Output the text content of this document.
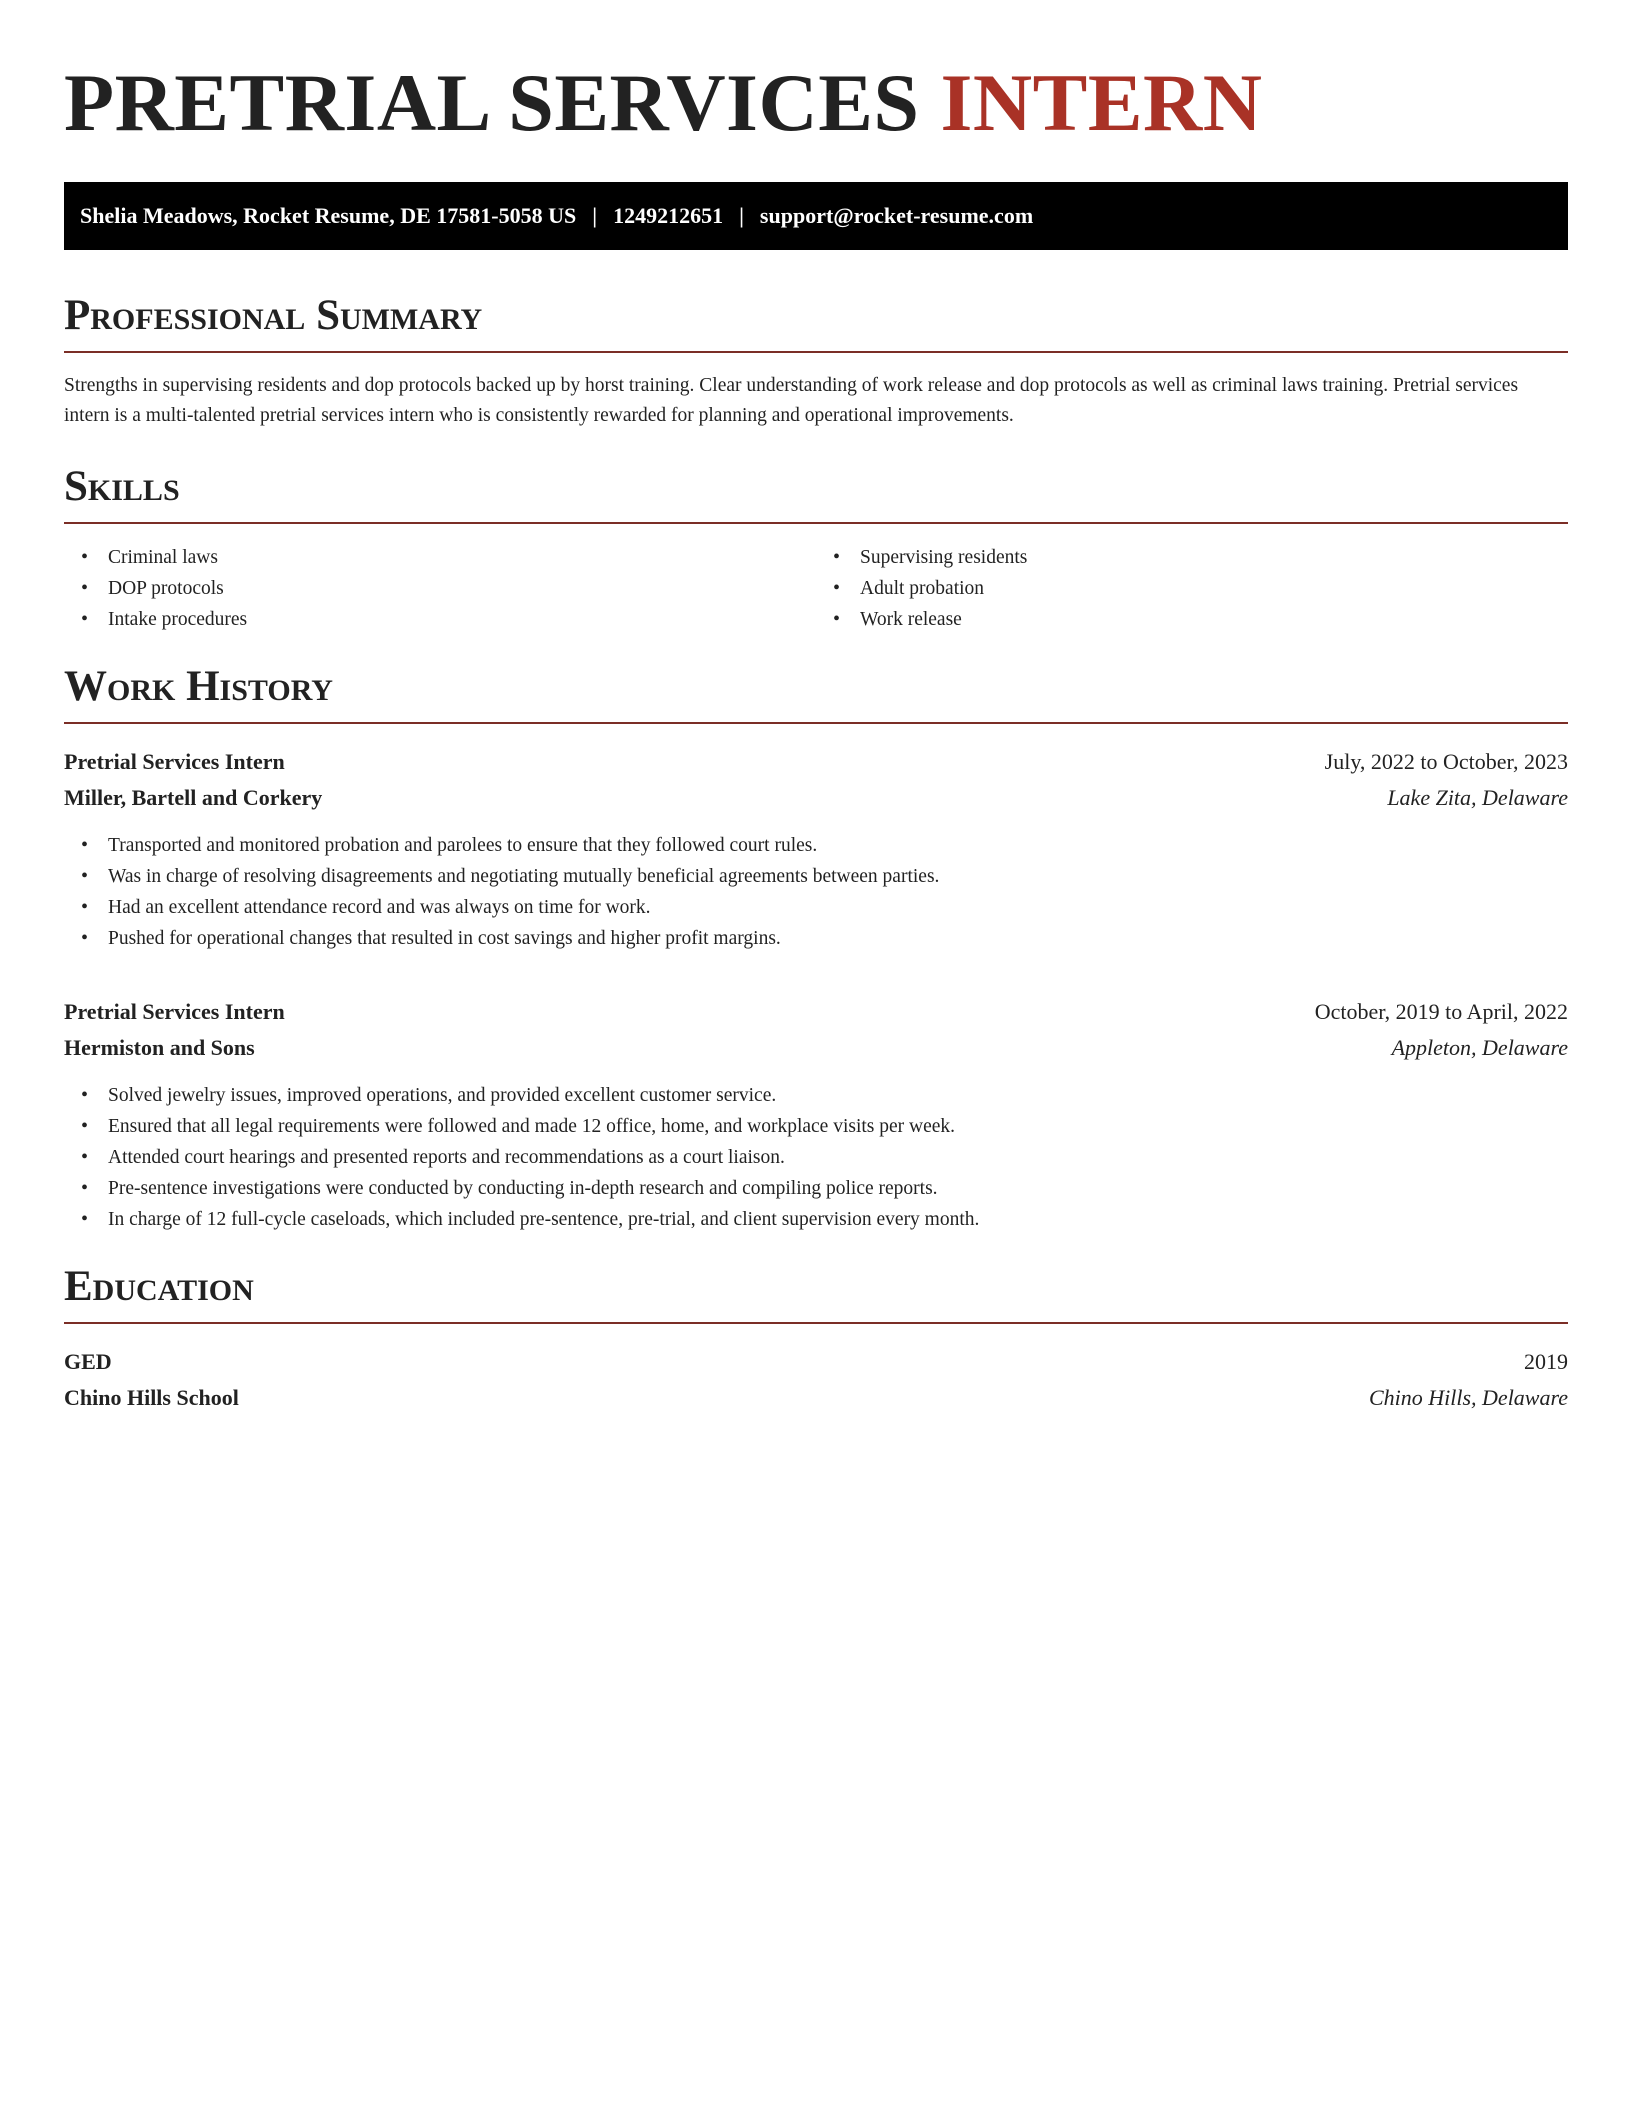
PRETRIAL SERVICES INTERN
Shelia Meadows, Rocket Resume, DE 17581-5058 US | 1249212651 | support@rocket-resume.com
Professional Summary

Strengths in supervising residents and dop protocols backed up by horst training. Clear understanding of work release and dop protocols as well as criminal laws training. Pretrial services intern is a multi-talented pretrial services intern who is consistently rewarded for planning and operational improvements.

Skills
• Criminal laws
• DOP protocols
• Intake procedures
• Supervising residents
• Adult probation
• Work release
Work History
Pretrial Services Intern	July, 2022 to October, 2023
Miller, Bartell and Corkery	Lake Zita, Delaware
• Transported and monitored probation and parolees to ensure that they followed court rules.
• Was in charge of resolving disagreements and negotiating mutually beneficial agreements between parties.
• Had an excellent attendance record and was always on time for work.
• Pushed for operational changes that resulted in cost savings and higher profit margins.
Pretrial Services Intern	October, 2019 to April, 2022
Hermiston and Sons	Appleton, Delaware
• Solved jewelry issues, improved operations, and provided excellent customer service.
• Ensured that all legal requirements were followed and made 12 office, home, and workplace visits per week.
• Attended court hearings and presented reports and recommendations as a court liaison.
• Pre-sentence investigations were conducted by conducting in-depth research and compiling police reports.
• In charge of 12 full-cycle caseloads, which included pre-sentence, pre-trial, and client supervision every month.
Education
GED	2019
Chino Hills School	Chino Hills, Delaware
